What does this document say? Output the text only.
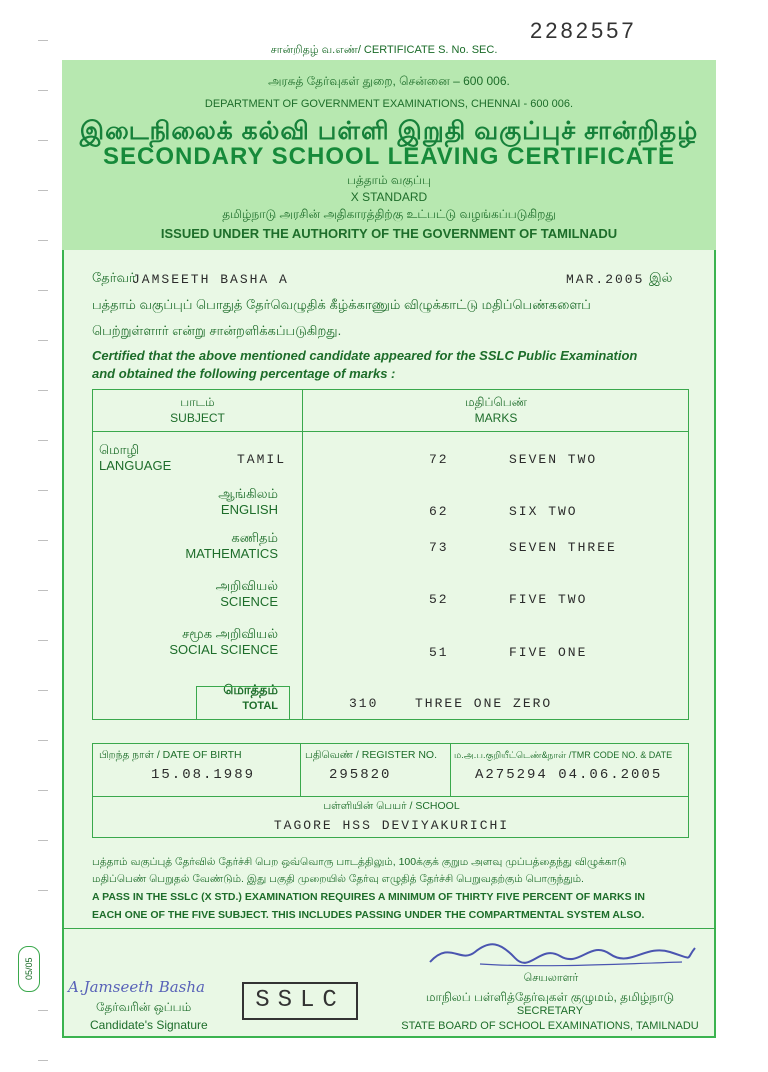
2282557
சான்றிதழ் வ.எண்/ CERTIFICATE S. No. SEC.
அரசுத் தேர்வுகள் துறை, சென்னை – 600 006.
DEPARTMENT OF GOVERNMENT EXAMINATIONS, CHENNAI - 600 006.
இடைநிலைக் கல்வி பள்ளி இறுதி வகுப்புச் சான்றிதழ்
SECONDARY SCHOOL LEAVING CERTIFICATE
பத்தாம் வகுப்பு
X STANDARD
தமிழ்நாடு அரசின் அதிகாரத்திற்கு உட்பட்டு வழங்கப்படுகிறது
ISSUED UNDER THE AUTHORITY OF THE GOVERNMENT OF TAMILNADU
தேர்வர்
JAMSEETH BASHA A	MAR.2005 இல்
பத்தாம் வகுப்புப் பொதுத் தேர்வெழுதிக் கீழ்க்காணும் விழுக்காட்டு மதிப்பெண்களைப்
பெற்றுள்ளார் என்று சான்றளிக்கப்படுகிறது.
Certified that the above mentioned candidate appeared for the SSLC Public Examination
and obtained the following percentage of marks :
பாடம்
SUBJECT
மதிப்பெண்
MARKS
மொழி
LANGUAGE	TAMIL	72	SEVEN TWO
ஆங்கிலம்
ENGLISH	62	SIX TWO
கணிதம்
MATHEMATICS	73	SEVEN THREE
அறிவியல்
SCIENCE	52	FIVE TWO
சமூக அறிவியல்
SOCIAL SCIENCE	51	FIVE ONE
மொத்தம்
TOTAL	310	THREE ONE ZERO
பிறந்த நாள் / DATE OF BIRTH
15.08.1989
பதிவெண் / REGISTER NO.
295820
ம.அ.ப.குறியீட்டெண்&நாள் /TMR CODE NO. & DATE
A275294 04.06.2005
பள்ளியின் பெயர் / SCHOOL
TAGORE HSS DEVIYAKURICHI
பத்தாம் வகுப்புத் தேர்வில் தேர்ச்சி பெற ஒவ்வொரு பாடத்திலும், 100க்குக் குறும அளவு முப்பத்தைந்து விழுக்காடு
மதிப்பெண் பெறுதல் வேண்டும். இது பகுதி முறையில் தேர்வு எழுதித் தேர்ச்சி பெறுவதற்கும் பொருந்தும்.
A PASS IN THE SSLC (X STD.) EXAMINATION REQUIRES A MINIMUM OF THIRTY FIVE PERCENT OF MARKS IN
EACH ONE OF THE FIVE SUBJECT. THIS INCLUDES PASSING UNDER THE COMPARTMENTAL SYSTEM ALSO.
A.Jamseeth Basha
தேர்வரின் ஒப்பம்
Candidate's Signature
SSLC
செயலாளர்
மாநிலப் பள்ளித்தேர்வுகள் குழுமம், தமிழ்நாடு
SECRETARY
STATE BOARD OF SCHOOL EXAMINATIONS, TAMILNADU
05/05
